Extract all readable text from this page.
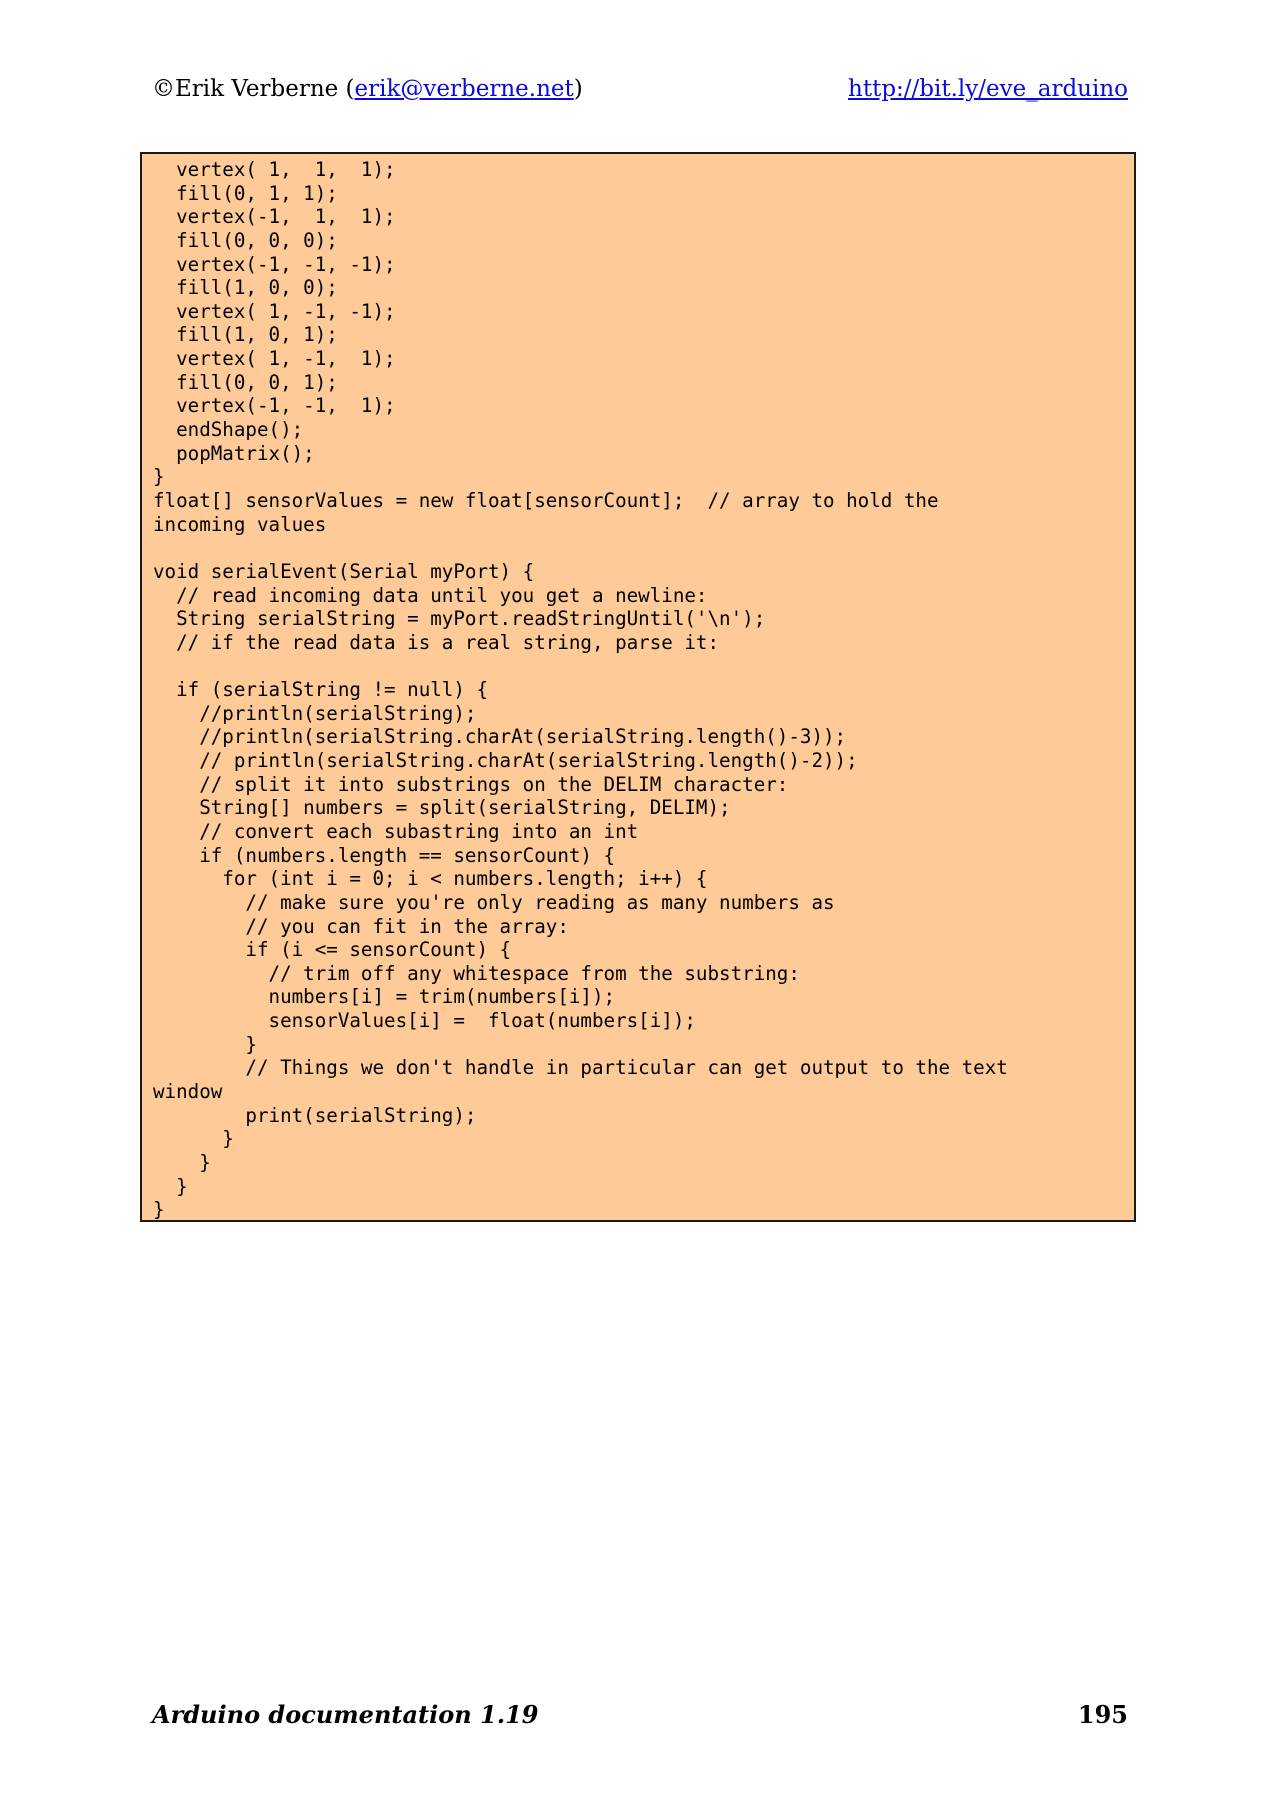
©Erik Verberne (erik@verberne.net)	http://bit.ly/eve_arduino
vertex( 1,  1,  1);
fill(0, 1, 1);
vertex(-1,  1,  1);
fill(0, 0, 0);
vertex(-1, -1, -1);
fill(1, 0, 0);
vertex( 1, -1, -1);
fill(1, 0, 1);
vertex( 1, -1,  1);
fill(0, 0, 1);
vertex(-1, -1,  1);
endShape();
popMatrix();
}
float[] sensorValues = new float[sensorCount];  // array to hold the
incoming values
void serialEvent(Serial myPort) {
// read incoming data until you get a newline:
String serialString = myPort.readStringUntil('\n');
// if the read data is a real string, parse it:
if (serialString != null) {
//println(serialString);
//println(serialString.charAt(serialString.length()-3));
// println(serialString.charAt(serialString.length()-2));
// split it into substrings on the DELIM character:
String[] numbers = split(serialString, DELIM);
// convert each subastring into an int
if (numbers.length == sensorCount) {
for (int i = 0; i < numbers.length; i++) {
// make sure you're only reading as many numbers as
// you can fit in the array:
if (i <= sensorCount) {
// trim off any whitespace from the substring:
numbers[i] = trim(numbers[i]);
sensorValues[i] =  float(numbers[i]);
}
// Things we don't handle in particular can get output to the text
window
print(serialString);
}
}
}
}
Arduino documentation 1.19	195
